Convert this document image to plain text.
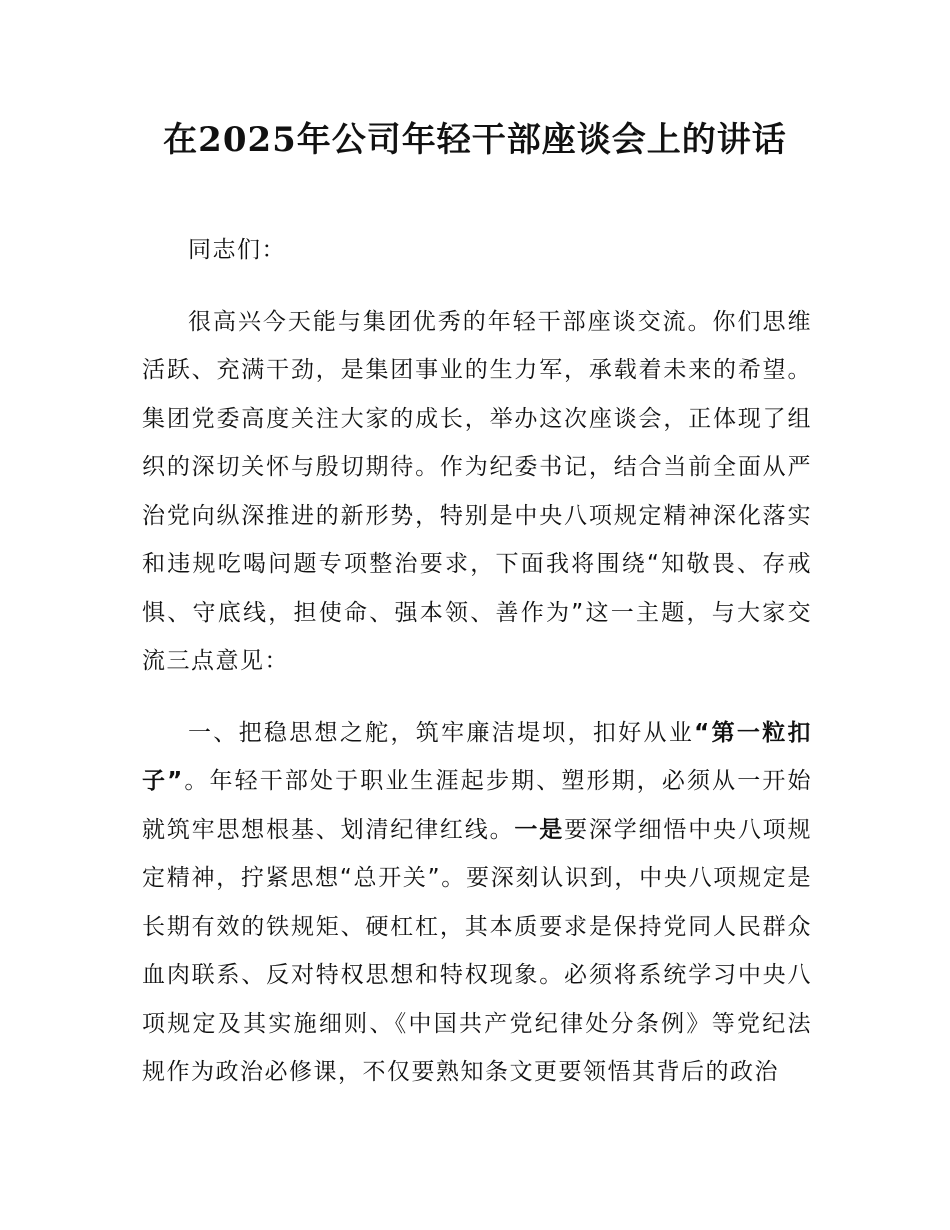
在2025年公司年轻干部座谈会上的讲话

同志们：

很高兴今天能与集团优秀的年轻干部座谈交流。你们思维活跃、充满干劲，是集团事业的生力军，承载着未来的希望。集团党委高度关注大家的成长，举办这次座谈会，正体现了组织的深切关怀与殷切期待。作为纪委书记，结合当前全面从严治党向纵深推进的新形势，特别是中央八项规定精神深化落实和违规吃喝问题专项整治要求，下面我将围绕“知敬畏、存戒惧、守底线，担使命、强本领、善作为”这一主题，与大家交流三点意见：

一、把稳思想之舵，筑牢廉洁堤坝，扣好从业“第一粒扣子”。年轻干部处于职业生涯起步期、塑形期，必须从一开始就筑牢思想根基、划清纪律红线。一是要深学细悟中央八项规定精神，拧紧思想“总开关”。要深刻认识到，中央八项规定是长期有效的铁规矩、硬杠杠，其本质要求是保持党同人民群众血肉联系、反对特权思想和特权现象。必须将系统学习中央八项规定及其实施细则、《中国共产党纪律处分条例》等党纪法规作为政治必修课，不仅要熟知条文更要领悟其背后的政治
